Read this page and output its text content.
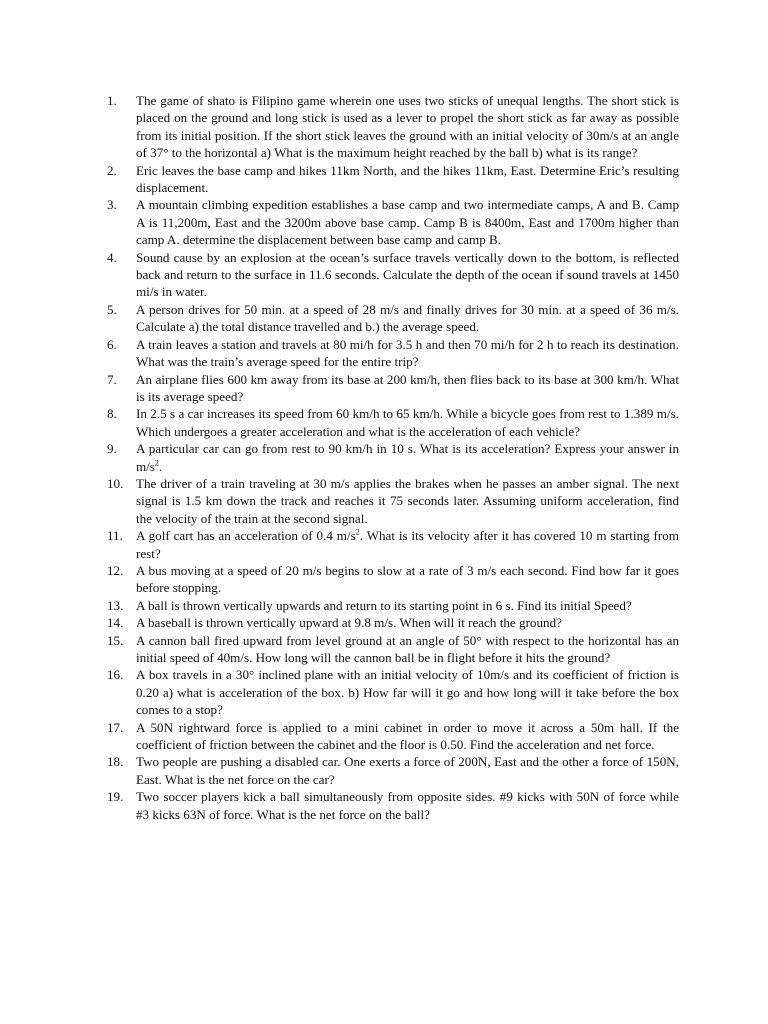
1.	The game of shato is Filipino game wherein one uses two sticks of unequal lengths. The short stick is placed on the ground and long stick is used as a lever to propel the short stick as far away as possible from its initial position. If the short stick leaves the ground with an initial velocity of 30m/s at an angle of 37° to the horizontal a) What is the maximum height reached by the ball b) what is its range?
2.	Eric leaves the base camp and hikes 11km North, and the hikes 11km, East. Determine Eric’s resulting displacement.
3.	A mountain climbing expedition establishes a base camp and two intermediate camps, A and B. Camp A is 11,200m, East and the 3200m above base camp. Camp B is 8400m, East and 1700m higher than camp A. determine the displacement between base camp and camp B.
4.	Sound cause by an explosion at the ocean’s surface travels vertically down to the bottom, is reflected back and return to the surface in 11.6 seconds. Calculate the depth of the ocean if sound travels at 1450 mi/s in water.
5.	A person drives for 50 min. at a speed of 28 m/s and finally drives for 30 min. at a speed of 36 m/s. Calculate a) the total distance travelled and b.) the average speed.
6.	A train leaves a station and travels at 80 mi/h for 3.5 h and then 70 mi/h for 2 h to reach its destination. What was the train’s average speed for the entire trip?
7.	An airplane flies 600 km away from its base at 200 km/h, then flies back to its base at 300 km/h. What is its average speed?
8.	In 2.5 s a car increases its speed from 60 km/h to 65 km/h. While a bicycle goes from rest to 1.389 m/s. Which undergoes a greater acceleration and what is the acceleration of each vehicle?
9.	A particular car can go from rest to 90 km/h in 10 s. What is its acceleration? Express your answer in $m/s^2$.
10. The driver of a train traveling at 30 m/s applies the brakes when he passes an amber signal. The next signal is 1.5 km down the track and reaches it 75 seconds later. Assuming uniform acceleration, find the velocity of the train at the second signal.
11.	A golf cart has an acceleration of 0.4 $m/s^2$. What is its velocity after it has covered 10 m starting from rest?
12. A bus moving at a speed of 20 m/s begins to slow at a rate of 3 m/s each second. Find how far it goes before stopping.
13. A ball is thrown vertically upwards and return to its starting point in 6 s. Find its initial Speed?
14. A baseball is thrown vertically upward at 9.8 m/s. When will it reach the ground?
15. A cannon ball fired upward from level ground at an angle of 50° with respect to the horizontal has an initial speed of 40m/s. How long will the cannon ball be in flight before it hits the ground?
16. A box travels in a 30° inclined plane with an initial velocity of 10m/s and its coefficient of friction is 0.20 a) what is acceleration of the box. b) How far will it go and how long will it take before the box comes to a stop?
17. A 50N rightward force is applied to a mini cabinet in order to move it across a 50m hall. If the coefficient of friction between the cabinet and the floor is 0.50. Find the acceleration and net force.
18. Two people are pushing a disabled car. One exerts a force of 200N, East and the other a force of 150N, East. What is the net force on the car?
19. Two soccer players kick a ball simultaneously from opposite sides. #9 kicks with 50N of force while #3 kicks 63N of force. What is the net force on the ball?
